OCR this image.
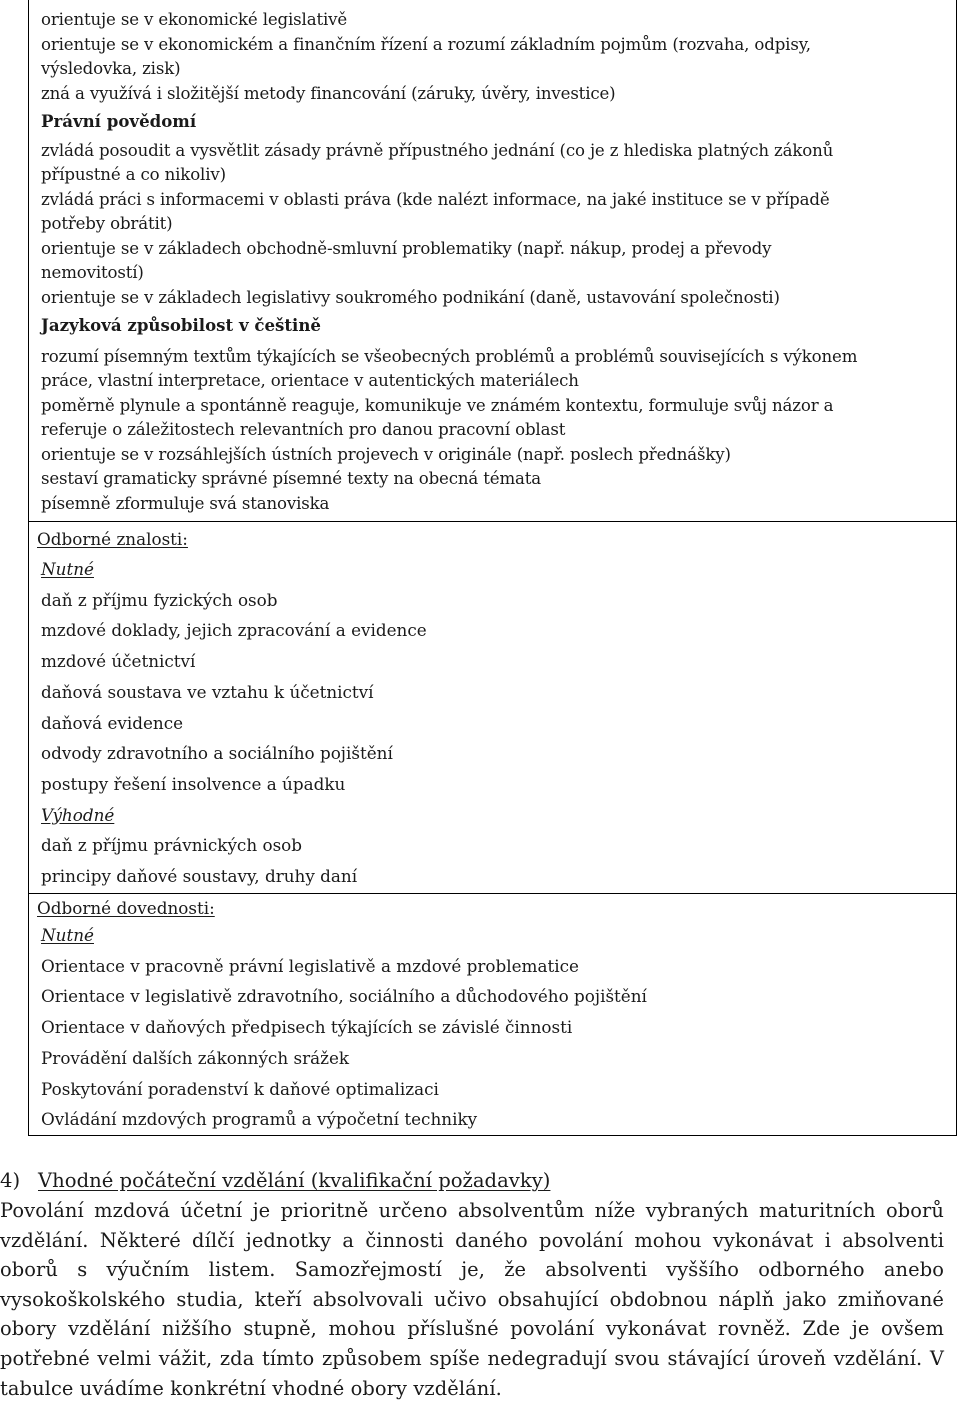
orientuje se v ekonomické legislativě
orientuje se v ekonomickém a finančním řízení a rozumí základním pojmům (rozvaha, odpisy,
výsledovka, zisk)
zná a využívá i složitější metody financování (záruky, úvěry, investice)
Právní povědomí
zvládá posoudit a vysvětlit zásady právně přípustného jednání (co je z hlediska platných zákonů
přípustné a co nikoliv)
zvládá práci s informacemi v oblasti práva (kde nalézt informace, na jaké instituce se v případě
potřeby obrátit)
orientuje se v základech obchodně-smluvní problematiky (např. nákup, prodej a převody
nemovitostí)
orientuje se v základech legislativy soukromého podnikání (daně, ustavování společnosti)
Jazyková způsobilost v češtině
rozumí písemným textům týkajících se všeobecných problémů a problémů souvisejících s výkonem
práce, vlastní interpretace, orientace v autentických materiálech
poměrně plynule a spontánně reaguje, komunikuje ve známém kontextu, formuluje svůj názor a
referuje o záležitostech relevantních pro danou pracovní oblast
orientuje se v rozsáhlejších ústních projevech v originále (např. poslech přednášky)
sestaví gramaticky správné písemné texty na obecná témata
písemně zformuluje svá stanoviska
Odborné znalosti:
Nutné
daň z příjmu fyzických osob
mzdové doklady, jejich zpracování a evidence
mzdové účetnictví
daňová soustava ve vztahu k účetnictví
daňová evidence
odvody zdravotního a sociálního pojištění
postupy řešení insolvence a úpadku
Výhodné
daň z příjmu právnických osob
principy daňové soustavy, druhy daní
Odborné dovednosti:
Nutné
Orientace v pracovně právní legislativě a mzdové problematice
Orientace v legislativě zdravotního, sociálního a důchodového pojištění
Orientace v daňových předpisech týkajících se závislé činnosti
Provádění dalších zákonných srážek
Poskytování poradenství k daňové optimalizaci
Ovládání mzdových programů a výpočetní techniky
4) Vhodné počáteční vzdělání (kvalifikační požadavky)
Povolání mzdová účetní je prioritně určeno absolventům níže vybraných maturitních oborů vzdělání. Některé dílčí jednotky a činnosti daného povolání mohou vykonávat i absolventi oborů s výučním listem. Samozřejmostí je, že absolventi vyššího odborného anebo vysokoškolského studia, kteří absolvovali učivo obsahující obdobnou náplň jako zmiňované obory vzdělání nižšího stupně, mohou příslušné povolání vykonávat rovněž. Zde je ovšem potřebné velmi vážit, zda tímto způsobem spíše nedegradují svou stávající úroveň vzdělání. V tabulce uvádíme konkrétní vhodné obory vzdělání.
